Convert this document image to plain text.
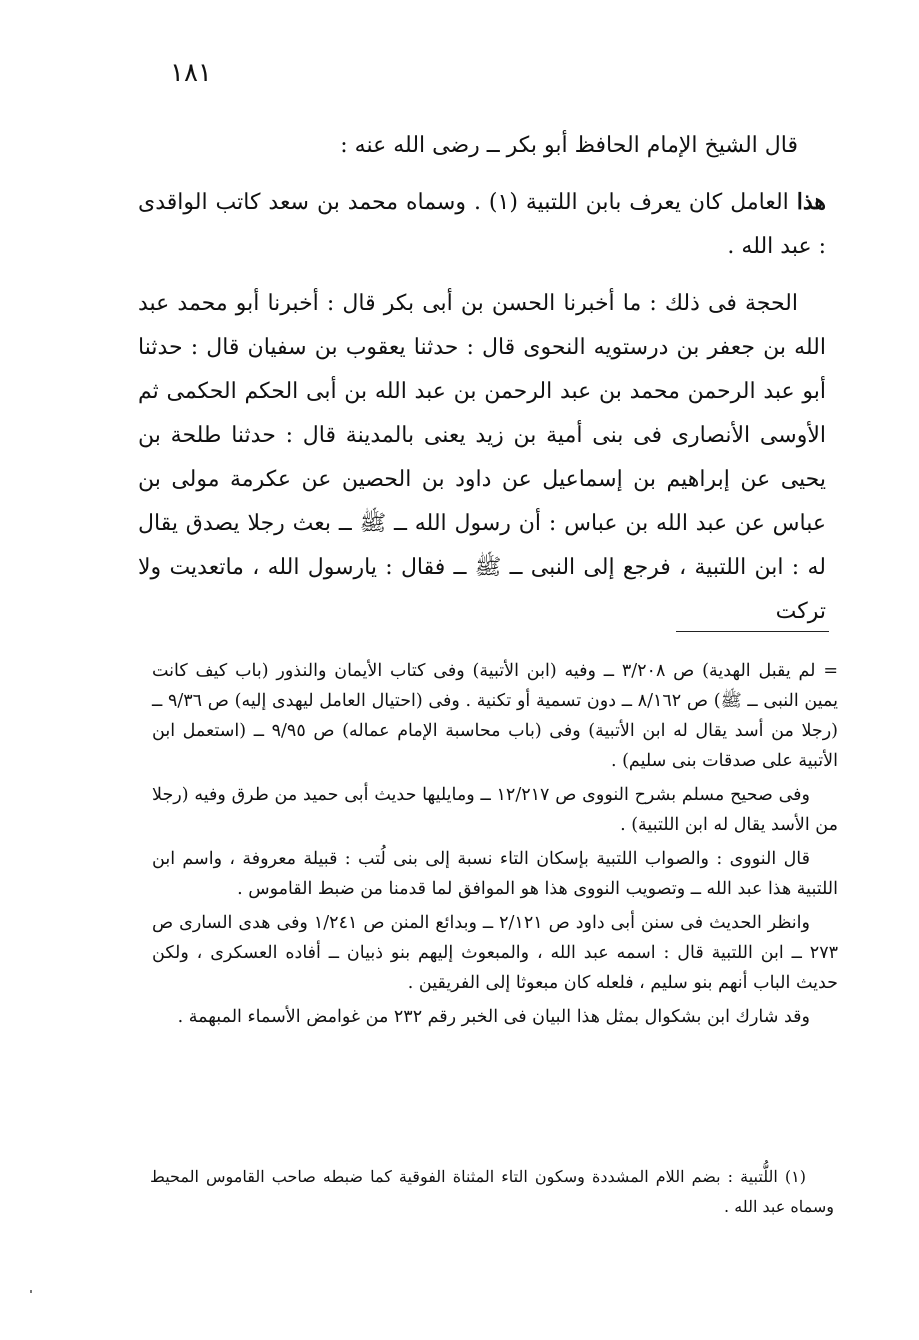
١٨١

قال الشيخ الإمام الحافظ أبو بكر ــ رضى الله عنه :

هذا العامل كان يعرف بابن اللتبية (١) . وسماه محمد بن سعد كاتب الواقدى : عبد الله .

الحجة فى ذلك : ما أخبرنا الحسن بن أبى بكر قال : أخبرنا أبو محمد عبد الله بن جعفر بن درستويه النحوى قال : حدثنا يعقوب بن سفيان قال : حدثنا أبو عبد الرحمن محمد بن عبد الرحمن بن عبد الله بن أبى الحكم الحكمى ثم الأوسى الأنصارى فى بنى أمية بن زيد يعنى بالمدينة قال : حدثنا طلحة بن يحيى عن إبراهيم بن إسماعيل عن داود بن الحصين عن عكرمة مولى بن عباس عن عبد الله بن عباس : أن رسول الله ــ ﷺ ــ بعث رجلا يصدق يقال له : ابن اللتبية ، فرجع إلى النبى ــ ﷺ ــ فقال : يارسول الله ، ماتعديت ولا تركت

= لم يقبل الهدية) ص ٣/٢٠٨ ــ وفيه (ابن الأتبية) وفى كتاب الأيمان والنذور (باب كيف كانت يمين النبى ــ ﷺ) ص ٨/١٦٢ ــ دون تسمية أو تكنية . وفى (احتيال العامل ليهدى إليه) ص ٩/٣٦ ــ (رجلا من أسد يقال له ابن الأتبية) وفى (باب محاسبة الإمام عماله) ص ٩/٩٥ ــ (استعمل ابن الأتبية على صدقات بنى سليم) .

وفى صحيح مسلم بشرح النووى ص ١٢/٢١٧ ــ ومايليها حديث أبى حميد من طرق وفيه (رجلا من الأسد يقال له ابن اللتبية) .

قال النووى : والصواب اللتبية بإسكان التاء نسبة إلى بنى لُتب : قبيلة معروفة ، واسم ابن اللتبية هذا عبد الله ــ وتصويب النووى هذا هو الموافق لما قدمنا من ضبط القاموس .

وانظر الحديث فى سنن أبى داود ص ٢/١٢١ ــ وبدائع المنن ص ١/٢٤١ وفى هدى السارى ص ٢٧٣ ــ ابن اللتبية قال : اسمه عبد الله ، والمبعوث إليهم بنو ذبيان ــ أفاده العسكرى ، ولكن حديث الباب أنهم بنو سليم ، فلعله كان مبعوثا إلى الفريقين .

وقد شارك ابن بشكوال بمثل هذا البيان فى الخبر رقم ٢٣٢ من غوامض الأسماء المبهمة .

(١) اللُّتبية : بضم اللام المشددة وسكون التاء المثناة الفوقية كما ضبطه صاحب القاموس المحيط وسماه عبد الله .
